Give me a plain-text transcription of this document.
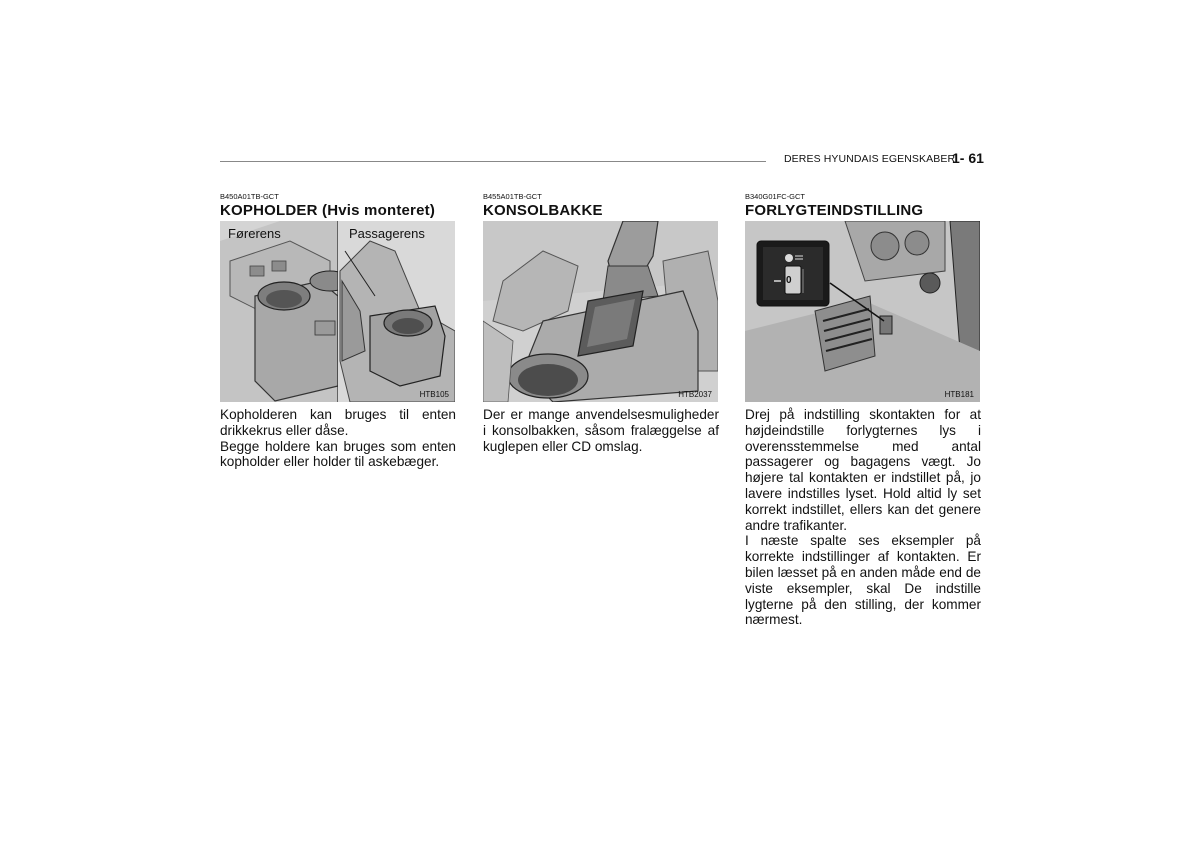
DERES HYUNDAIS EGENSKABER
1- 61
B450A01TB-GCT
KOPHOLDER (Hvis monteret)
Førerens	Passagerens
HTB105

Kopholderen kan bruges til enten drikkekrus eller dåse.

Begge holdere kan bruges som enten kopholder eller holder til askebæger.

B455A01TB-GCT
KONSOLBAKKE
HTB2037

Der er mange anvendelsesmuligheder i konsolbakken, såsom fralæggelse af kuglepen eller CD omslag.

B340G01FC-GCT
FORLYGTEINDSTILLING
0
HTB181

Drej på indstilling skontakten for at højdeindstille forlygternes lys i overensstemmelse med antal passagerer og bagagens vægt. Jo højere tal kontakten er indstillet på, jo lavere indstilles lyset. Hold altid ly set korrekt indstillet, ellers kan det genere andre trafikanter.

I næste spalte ses eksempler på korrekte indstillinger af kontakten. Er bilen læsset på en anden måde end de viste eksempler, skal De indstille lygterne på den stilling, der kommer nærmest.
